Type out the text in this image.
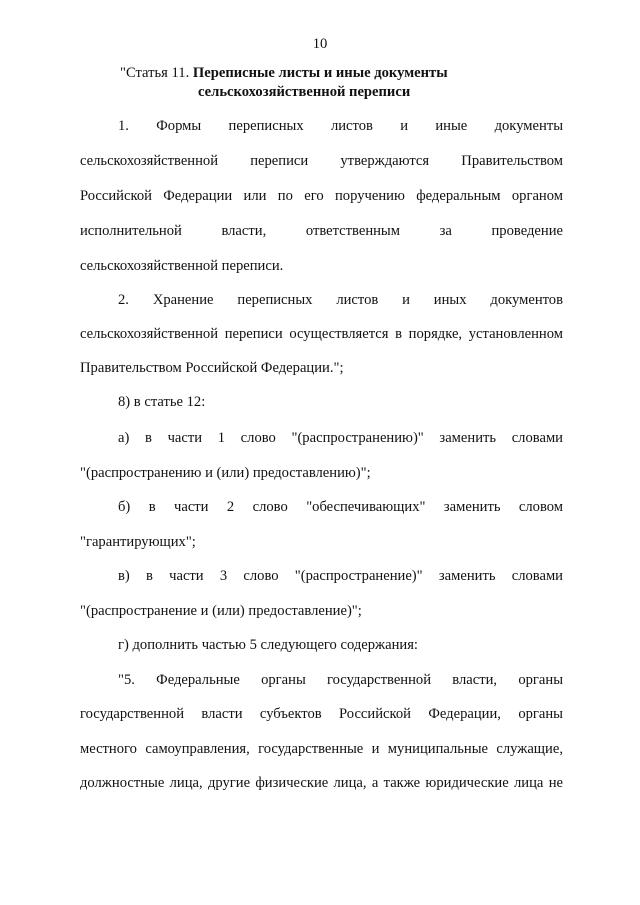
10
"Статья 11. Переписные листы и иные документы
сельскохозяйственной переписи
1. Формы переписных листов и иные документы
сельскохозяйственной переписи утверждаются Правительством
Российской Федерации или по его поручению федеральным органом
исполнительной власти, ответственным за проведение
сельскохозяйственной переписи.
2. Хранение переписных листов и иных документов
сельскохозяйственной переписи осуществляется в порядке, установленном
Правительством Российской Федерации.";
8) в статье 12:
а) в части 1 слово "(распространению)" заменить словами
"(распространению и (или) предоставлению)";
б) в части 2 слово "обеспечивающих" заменить словом
"гарантирующих";
в) в части 3 слово "(распространение)" заменить словами
"(распространение и (или) предоставление)";
г) дополнить частью 5 следующего содержания:
"5. Федеральные органы государственной власти, органы
государственной власти субъектов Российской Федерации, органы
местного самоуправления, государственные и муниципальные служащие,
должностные лица, другие физические лица, а также юридические лица не
